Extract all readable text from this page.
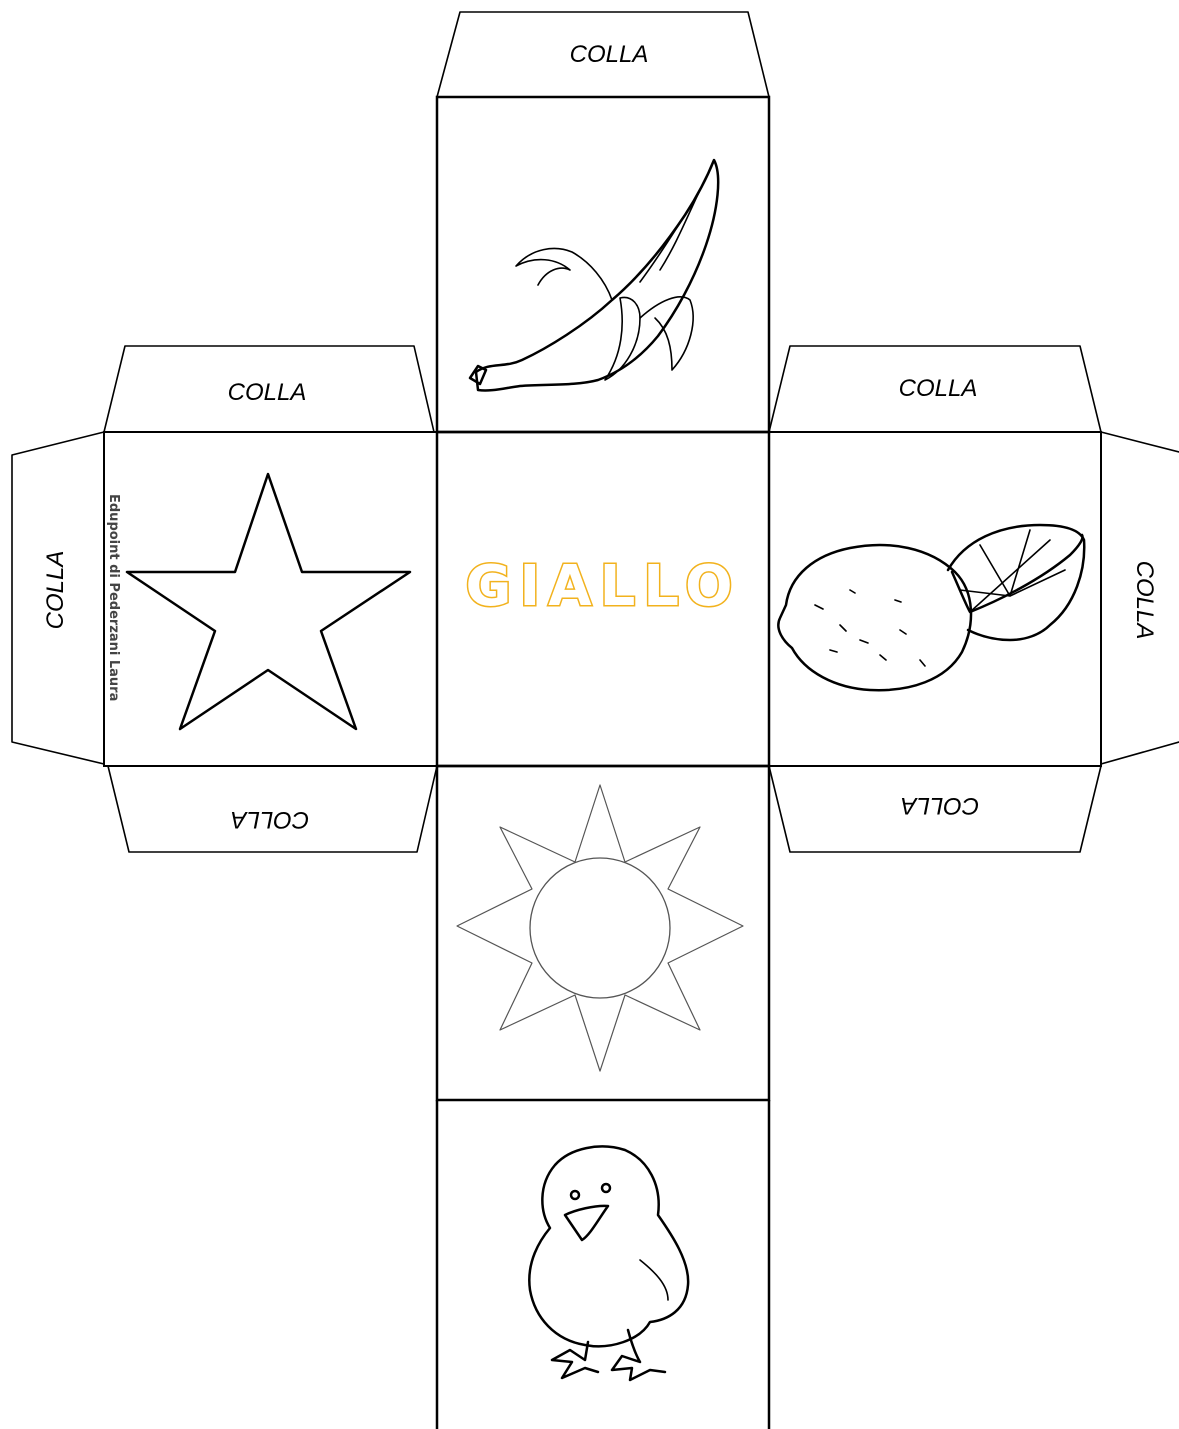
COLLA
COLLA	COLLA
COLLA	COLLA
COLLA
COLLA
Edupoint di Pederzani Laura	GIALLO
